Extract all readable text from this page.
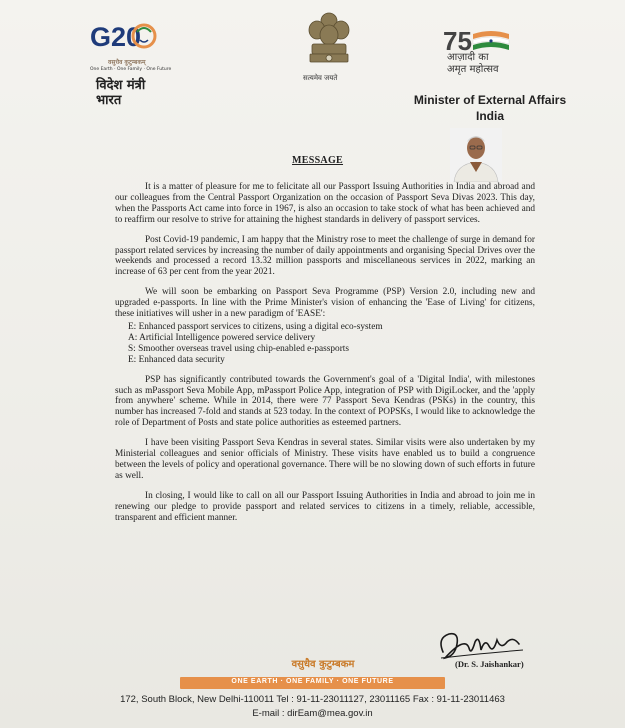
G20
वसुधैव कुटुम्बकम्
One Earth · One Family · One Future
विदेश मंत्री
भारत
सत्यमेव जयते
75
आज़ादी का
अमृत महोत्सव
Minister of External Affairs
India
MESSAGE

It is a matter of pleasure for me to felicitate all our Passport Issuing Authorities in India and abroad and our colleagues from the Central Passport Organization on the occasion of Passport Seva Divas 2023. This day, when the Passports Act came into force in 1967, is also an occasion to take stock of what has been achieved and to reaffirm our resolve to strive for attaining the highest standards in delivery of passport services.

Post Covid-19 pandemic, I am happy that the Ministry rose to meet the challenge of surge in demand for passport related services by increasing the number of daily appointments and organising Special Drives over the weekends and processed a record 13.32 million passports and miscellaneous services in 2022, marking an increase of 63 per cent from the year 2021.

We will soon be embarking on Passport Seva Programme (PSP) Version 2.0, including new and upgraded e-passports. In line with the Prime Minister's vision of enhancing the 'Ease of Living' for citizens, these initiatives will usher in a new paradigm of 'EASE':

E: Enhanced passport services to citizens, using a digital eco-system
A: Artificial Intelligence powered service delivery
S: Smoother overseas travel using chip-enabled e-passports
E: Enhanced data security

PSP has significantly contributed towards the Government's goal of a 'Digital India', with milestones such as mPassport Seva Mobile App, mPassport Police App, integration of PSP with DigiLocker, and the 'apply from anywhere' scheme. While in 2014, there were 77 Passport Seva Kendras (PSKs) in the country, this number has increased 7-fold and stands at 523 today. In the context of POPSKs, I would like to acknowledge the role of Department of Posts and state police authorities as esteemed partners.

I have been visiting Passport Seva Kendras in several states. Similar visits were also undertaken by my Ministerial colleagues and senior officials of Ministry. These visits have enabled us to build a congruence between the levels of policy and operational governance. There will be no slowing down of such efforts in future as well.

In closing, I would like to call on all our Passport Issuing Authorities in India and abroad to join me in renewing our pledge to provide passport and related services to citizens in a timely, reliable, accessible, transparent and efficient manner.

(Dr. S. Jaishankar)
वसुधैव कुटुम्बकम
ONE EARTH · ONE FAMILY · ONE FUTURE
172, South Block, New Delhi-110011 Tel : 91-11-23011127, 23011165 Fax : 91-11-23011463
E-mail : dirEam@mea.gov.in
